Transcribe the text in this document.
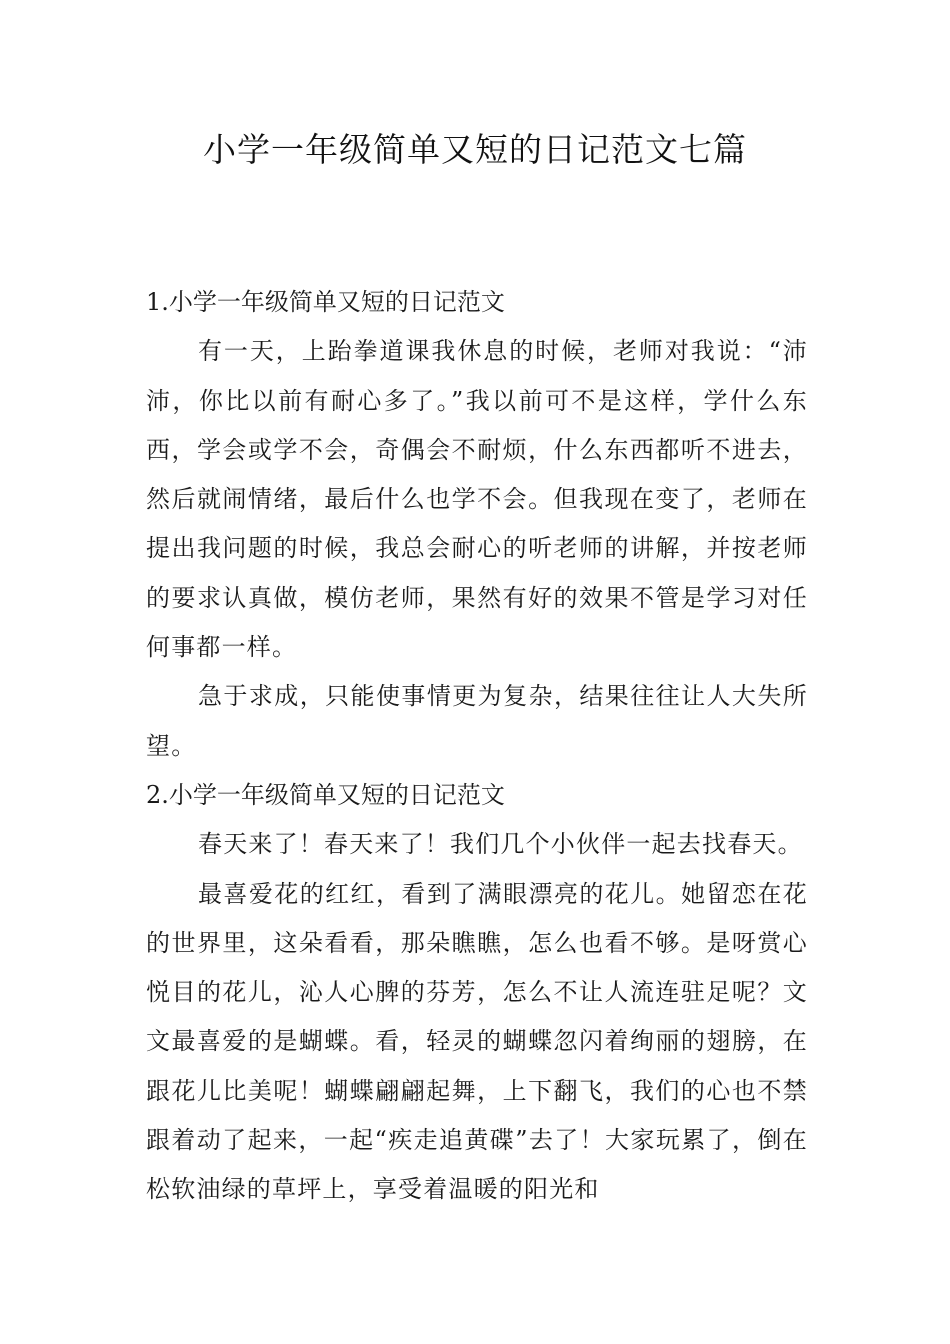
小学一年级简单又短的日记范文七篇

1.小学一年级简单又短的日记范文

有一天，上跆拳道课我休息的时候，老师对我说：“沛沛，你比以前有耐心多了。”我以前可不是这样，学什么东西，学会或学不会，奇偶会不耐烦，什么东西都听不进去，然后就闹情绪，最后什么也学不会。但我现在变了，老师在提出我问题的时候，我总会耐心的听老师的讲解，并按老师的要求认真做，模仿老师，果然有好的效果不管是学习对任何事都一样。

急于求成，只能使事情更为复杂，结果往往让人大失所望。

2.小学一年级简单又短的日记范文

春天来了！春天来了！我们几个小伙伴一起去找春天。

最喜爱花的红红，看到了满眼漂亮的花儿。她留恋在花的世界里，这朵看看，那朵瞧瞧，怎么也看不够。是呀赏心悦目的花儿，沁人心脾的芬芳，怎么不让人流连驻足呢？文文最喜爱的是蝴蝶。看，轻灵的蝴蝶忽闪着绚丽的翅膀，在跟花儿比美呢！蝴蝶翩翩起舞，上下翻飞，我们的心也不禁跟着动了起来，一起“疾走追黄碟”去了！大家玩累了，倒在松软油绿的草坪上，享受着温暖的阳光和
